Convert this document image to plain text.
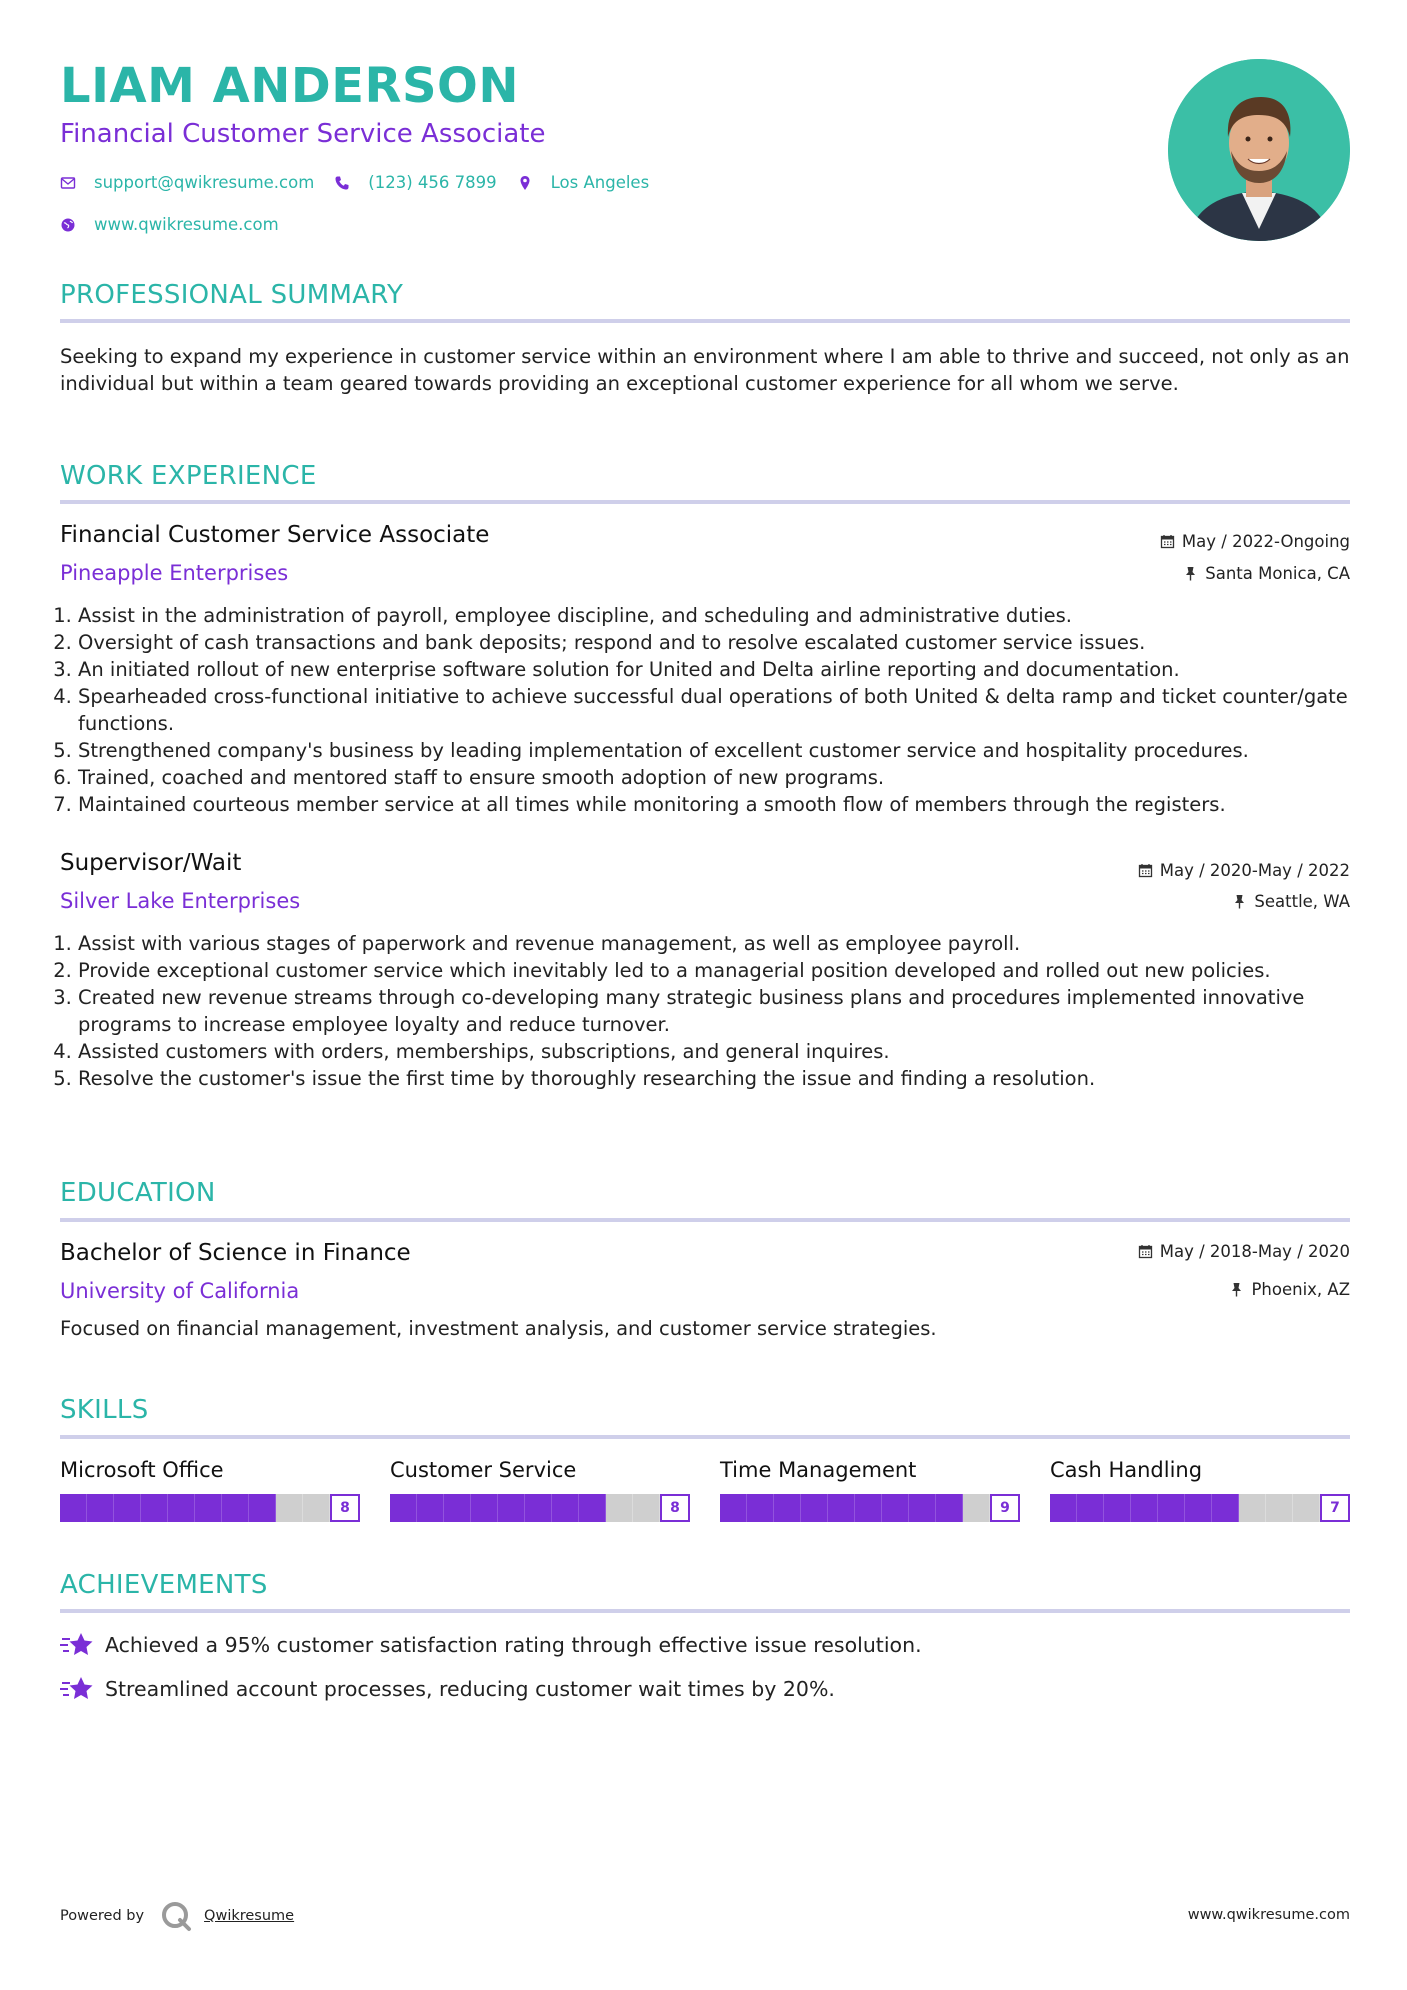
LIAM ANDERSON
Financial Customer Service Associate
support@qwikresume.com	(123) 456 7899	Los Angeles
www.qwikresume.com
PROFESSIONAL SUMMARY

Seeking to expand my experience in customer service within an environment where I am able to thrive and succeed, not only as an individual but within a team geared towards providing an exceptional customer experience for all whom we serve.

WORK EXPERIENCE
Financial Customer Service Associate
Pineapple Enterprises
May / 2022-Ongoing
Santa Monica, CA
1. Assist in the administration of payroll, employee discipline, and scheduling and administrative duties.
2. Oversight of cash transactions and bank deposits; respond and to resolve escalated customer service issues.
3. An initiated rollout of new enterprise software solution for United and Delta airline reporting and documentation.
4. Spearheaded cross-functional initiative to achieve successful dual operations of both United & delta ramp and ticket counter/gate functions.
5. Strengthened company's business by leading implementation of excellent customer service and hospitality procedures.
6. Trained, coached and mentored staff to ensure smooth adoption of new programs.
7. Maintained courteous member service at all times while monitoring a smooth flow of members through the registers.
Supervisor/Wait
Silver Lake Enterprises
May / 2020-May / 2022
Seattle, WA
1. Assist with various stages of paperwork and revenue management, as well as employee payroll.
2. Provide exceptional customer service which inevitably led to a managerial position developed and rolled out new policies.
3. Created new revenue streams through co-developing many strategic business plans and procedures implemented innovative programs to increase employee loyalty and reduce turnover.
4. Assisted customers with orders, memberships, subscriptions, and general inquires.
5. Resolve the customer's issue the first time by thoroughly researching the issue and finding a resolution.
EDUCATION
Bachelor of Science in Finance
University of California
May / 2018-May / 2020
Phoenix, AZ

Focused on financial management, investment analysis, and customer service strategies.

SKILLS
Microsoft Office
8
Customer Service
8
Time Management
9
Cash Handling
7
ACHIEVEMENTS
Achieved a 95% customer satisfaction rating through effective issue resolution.
Streamlined account processes, reducing customer wait times by 20%.
Powered by	Qwikresume	www.qwikresume.com
